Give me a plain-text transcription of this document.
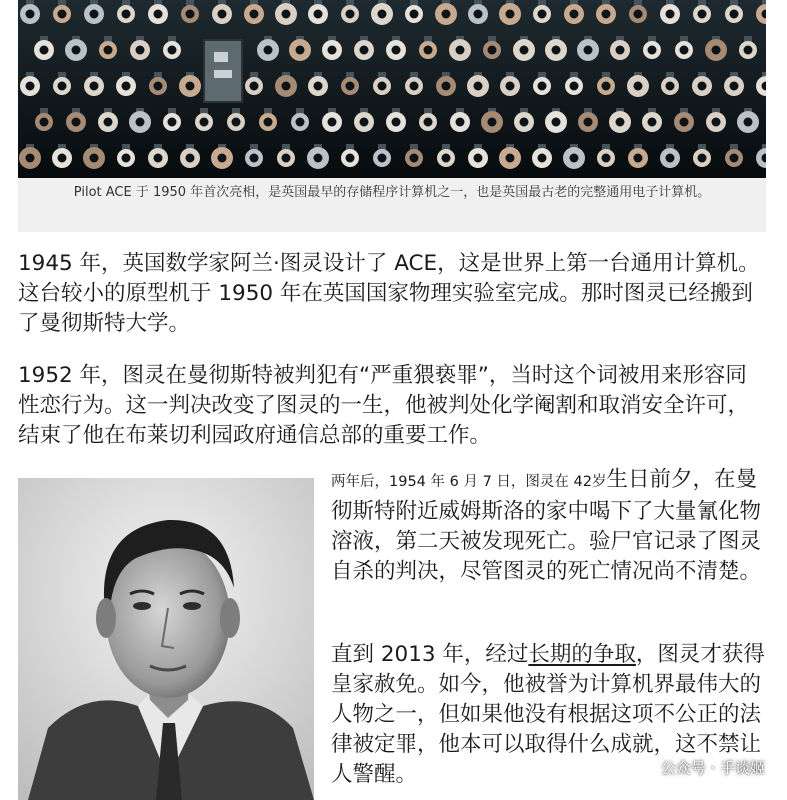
Pilot ACE 于 1950 年首次亮相，是英国最早的存储程序计算机之一，也是英国最古老的完整通用电子计算机。

1945 年，英国数学家阿兰·图灵设计了 ACE，这是世界上第一台通用计算机。这台较小的原型机于 1950 年在英国国家物理实验室完成。那时图灵已经搬到了曼彻斯特大学。

1952 年，图灵在曼彻斯特被判犯有“严重猥亵罪”，当时这个词被用来形容同性恋行为。这一判决改变了图灵的一生，他被判处化学阉割和取消安全许可，结束了他在布莱切利园政府通信总部的重要工作。

两年后，1954 年 6 月 7 日，图灵在 42岁生日前夕，在曼彻斯特附近威姆斯洛的家中喝下了大量氰化物溶液，第二天被发现死亡。验尸官记录了图灵自杀的判决，尽管图灵的死亡情况尚不清楚。

直到 2013 年，经过长期的争取，图灵才获得皇家赦免。如今，他被誉为计算机界最伟大的人物之一，但如果他没有根据这项不公正的法律被定罪，他本可以取得什么成就，这不禁让人警醒。	公众号 · 手谈姬
